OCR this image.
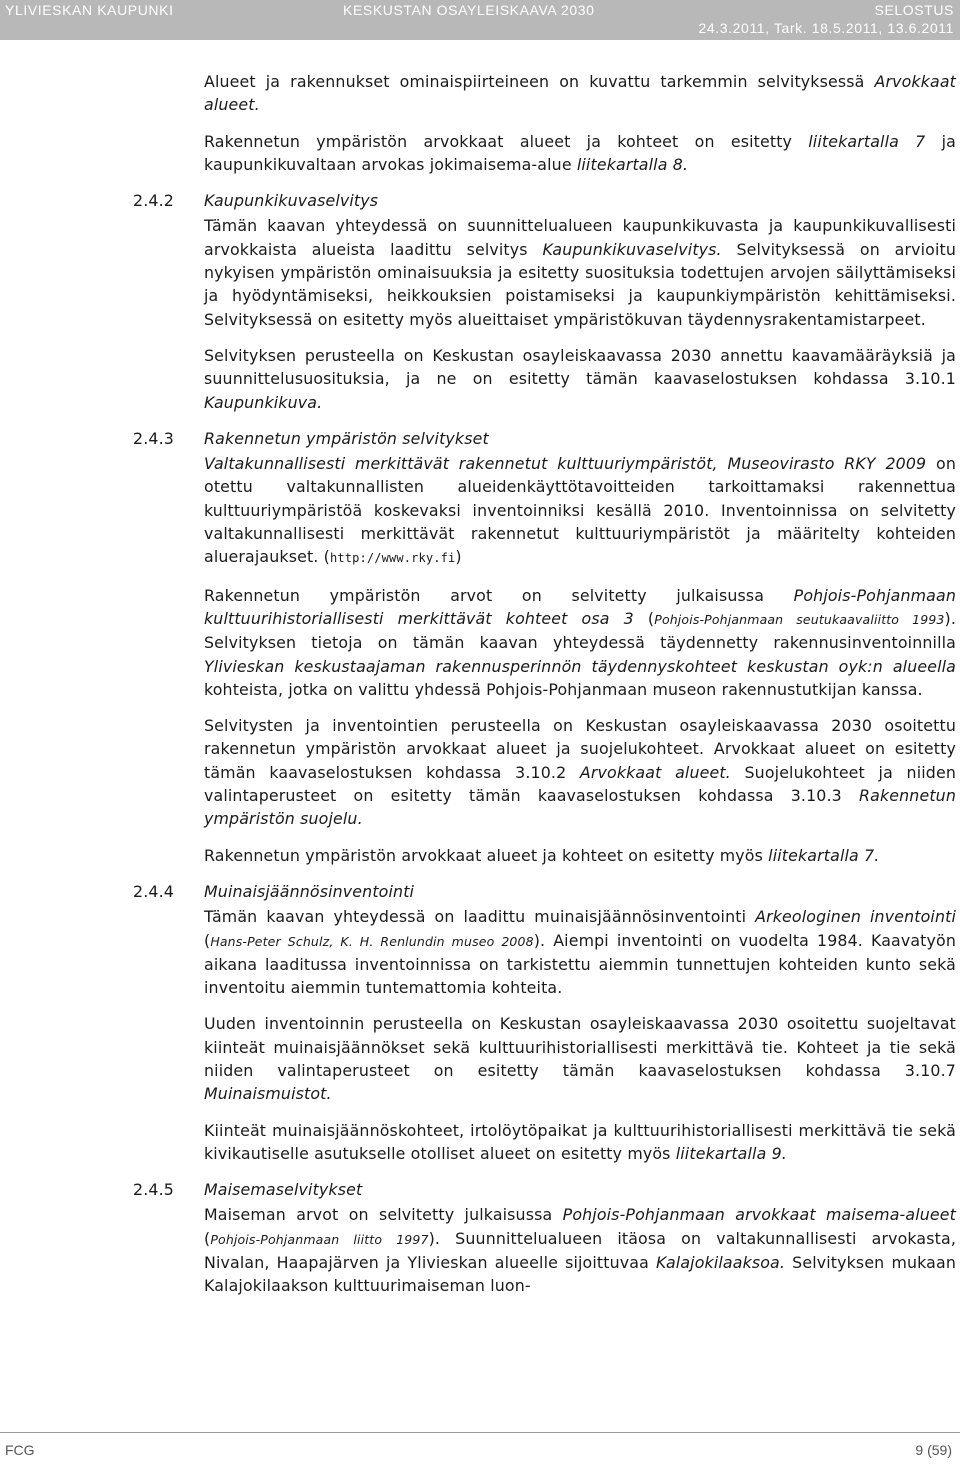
YLIVIESKAN KAUPUNKI	KESKUSTAN OSAYLEISKAAVA 2030	SELOSTUS
24.3.2011, Tark. 18.5.2011, 13.6.2011

Alueet ja rakennukset ominaispiirteineen on kuvattu tarkemmin selvityksessä Arvokkaat alueet.

Rakennetun ympäristön arvokkaat alueet ja kohteet on esitetty liitekartalla 7 ja kaupunkikuvaltaan arvokas jokimaisema-alue liitekartalla 8.

2.4.2	Kaupunkikuvaselvitys

Tämän kaavan yhteydessä on suunnittelualueen kaupunkikuvasta ja kaupunkikuvallisesti arvokkaista alueista laadittu selvitys Kaupunkikuvaselvitys. Selvityksessä on arvioitu nykyisen ympäristön ominaisuuksia ja esitetty suosituksia todettujen arvojen säilyttämiseksi ja hyödyntämiseksi, heikkouksien poistamiseksi ja kaupunkiympäristön kehittämiseksi. Selvityksessä on esitetty myös alueittaiset ympäristökuvan täydennysrakentamistarpeet.

Selvityksen perusteella on Keskustan osayleiskaavassa 2030 annettu kaavamääräyksiä ja suunnittelusuosituksia, ja ne on esitetty tämän kaavaselostuksen kohdassa 3.10.1 Kaupunkikuva.

2.4.3	Rakennetun ympäristön selvitykset

Valtakunnallisesti merkittävät rakennetut kulttuuriympäristöt, Museovirasto RKY 2009 on otettu valtakunnallisten alueidenkäyttötavoitteiden tarkoittamaksi rakennettua kulttuuriympäristöä koskevaksi inventoinniksi kesällä 2010. Inventoinnissa on selvitetty valtakunnallisesti merkittävät rakennetut kulttuuriympäristöt ja määritelty kohteiden aluerajaukset. (http://www.rky.fi)

Rakennetun ympäristön arvot on selvitetty julkaisussa Pohjois-Pohjanmaan kulttuurihistoriallisesti merkittävät kohteet osa 3 (Pohjois-Pohjanmaan seutukaavaliitto 1993). Selvityksen tietoja on tämän kaavan yhteydessä täydennetty rakennusinventoinnilla Ylivieskan keskustaajaman rakennusperinnön täydennyskohteet keskustan oyk:n alueella kohteista, jotka on valittu yhdessä Pohjois-Pohjanmaan museon rakennustutkijan kanssa.

Selvitysten ja inventointien perusteella on Keskustan osayleiskaavassa 2030 osoitettu rakennetun ympäristön arvokkaat alueet ja suojelukohteet. Arvokkaat alueet on esitetty tämän kaavaselostuksen kohdassa 3.10.2 Arvokkaat alueet. Suojelukohteet ja niiden valintaperusteet on esitetty tämän kaavaselostuksen kohdassa 3.10.3 Rakennetun ympäristön suojelu.

Rakennetun ympäristön arvokkaat alueet ja kohteet on esitetty myös liitekartalla 7.

2.4.4	Muinaisjäännösinventointi

Tämän kaavan yhteydessä on laadittu muinaisjäännösinventointi Arkeologinen inventointi (Hans-Peter Schulz, K. H. Renlundin museo 2008). Aiempi inventointi on vuodelta 1984. Kaavatyön aikana laaditussa inventoinnissa on tarkistettu aiemmin tunnettujen kohteiden kunto sekä inventoitu aiemmin tuntemattomia kohteita.

Uuden inventoinnin perusteella on Keskustan osayleiskaavassa 2030 osoitettu suojeltavat kiinteät muinaisjäännökset sekä kulttuurihistoriallisesti merkittävä tie. Kohteet ja tie sekä niiden valintaperusteet on esitetty tämän kaavaselostuksen kohdassa 3.10.7 Muinaismuistot.

Kiinteät muinaisjäännöskohteet, irtolöytöpaikat ja kulttuurihistoriallisesti merkittävä tie sekä kivikautiselle asutukselle otolliset alueet on esitetty myös liitekartalla 9.

2.4.5	Maisemaselvitykset

Maiseman arvot on selvitetty julkaisussa Pohjois-Pohjanmaan arvokkaat maisema-alueet (Pohjois-Pohjanmaan liitto 1997). Suunnittelualueen itäosa on valtakunnallisesti arvokasta, Nivalan, Haapajärven ja Ylivieskan alueelle sijoittuvaa Kalajokilaaksoa. Selvityksen mukaan Kalajokilaakson kulttuurimaiseman luon-

FCG	9 (59)
